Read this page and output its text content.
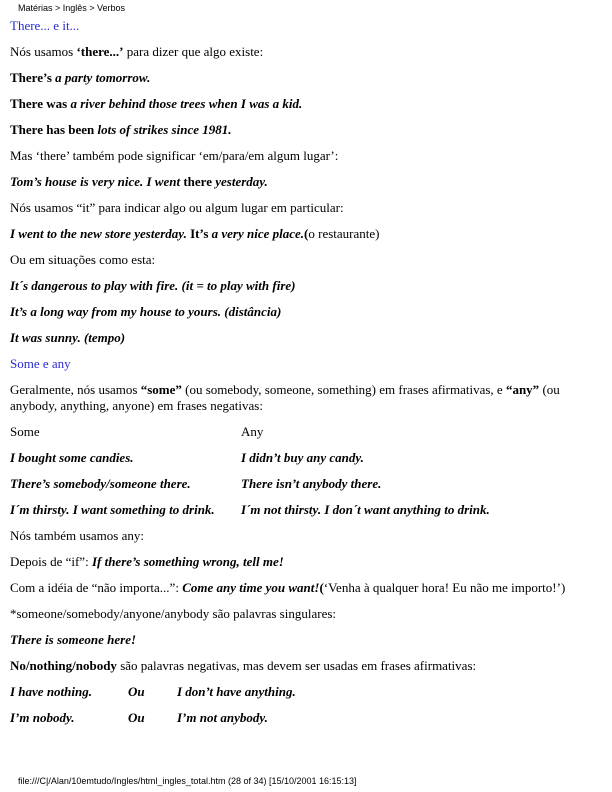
Matérias > Inglês > Verbos
There... e it...
Nós usamos ‘there...’ para dizer que algo existe:
There’s a party tomorrow.
There was a river behind those trees when I was a kid.
There has been lots of strikes since 1981.
Mas ‘there’ também pode significar ‘em/para/em algum lugar’:
Tom’s house is very nice. I went there yesterday.
Nós usamos “it” para indicar algo ou algum lugar em particular:
I went to the new store yesterday. It’s a very nice place.(o restaurante)
Ou em situações como esta:
It´s dangerous to play with fire. (it = to play with fire)
It’s a long way from my house to yours. (distância)
It was sunny. (tempo)
Some e any
Geralmente, nós usamos “some” (ou somebody, someone, something) em frases afirmativas, e “any” (ou anybody, anything, anyone) em frases negativas:
Some	Any
I bought some candies.	I didn’t buy any candy.
There’s somebody/someone there.	There isn’t anybody there.
I´m thirsty. I want something to drink.	I´m not thirsty. I don´t want anything to drink.
Nós também usamos any:
Depois de “if”: If there’s something wrong, tell me!
Com a idéia de “não importa...”: Come any time you want!(‘Venha à qualquer hora! Eu não me importo!’)
*someone/somebody/anyone/anybody são palavras singulares:
There is someone here!
No/nothing/nobody são palavras negativas, mas devem ser usadas em frases afirmativas:
I have nothing.	Ou	I don’t have anything.
I’m nobody.	Ou	I’m not anybody.
file:///C|/Alan/10emtudo/Ingles/html_ingles_total.htm (28 of 34) [15/10/2001 16:15:13]
